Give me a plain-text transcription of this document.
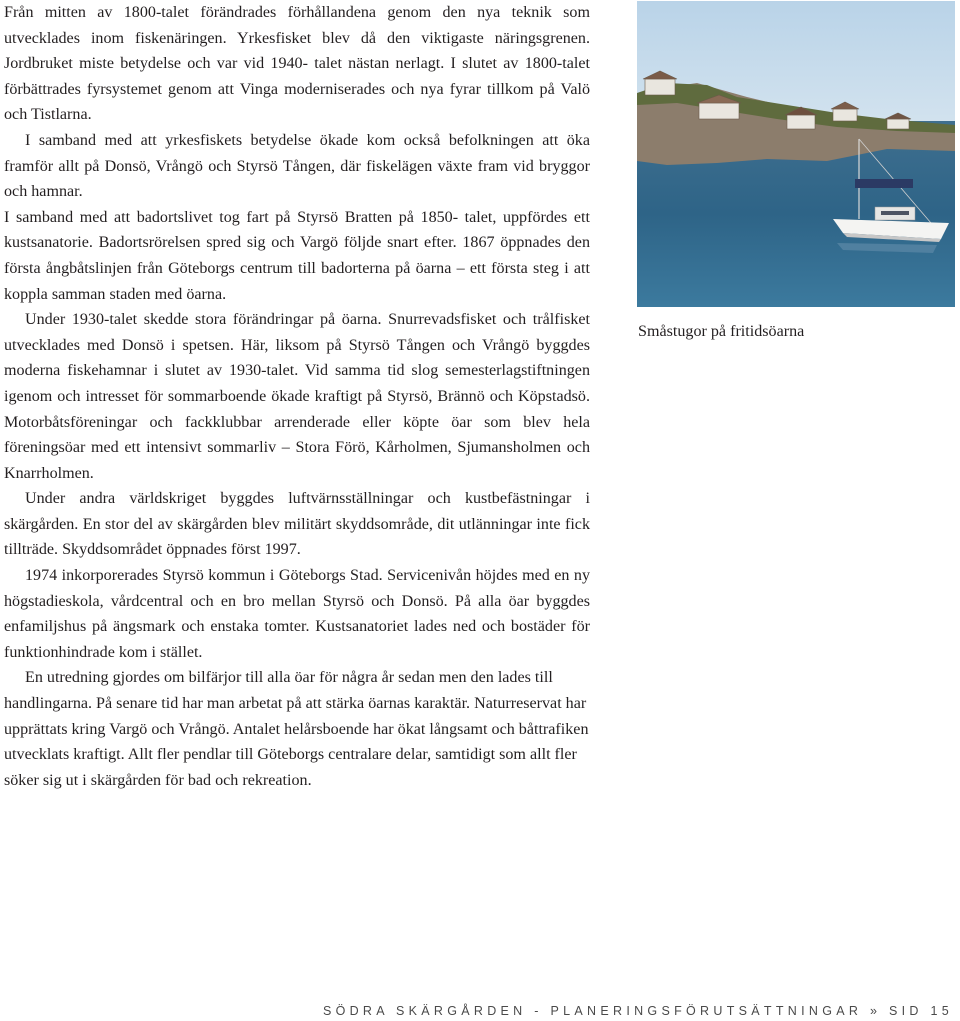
Från mitten av 1800-talet förändrades förhållandena genom den nya teknik som utvecklades inom fiskenäringen. Yrkesfisket blev då den viktigaste näringsgrenen. Jordbruket miste betydelse och var vid 1940- talet nästan nerlagt. I slutet av 1800-talet förbättrades fyrsystemet genom att Vinga moderniserades och nya fyrar tillkom på Valö och Tistlarna.

I samband med att yrkesfiskets betydelse ökade kom också befolkningen att öka framför allt på Donsö, Vrångö och Styrsö Tången, där fiskelägen växte fram vid bryggor och hamnar.

I samband med att badortslivet tog fart på Styrsö Bratten på 1850- talet, uppfördes ett kustsanatorie. Badortsrörelsen spred sig och Vargö följde snart efter. 1867 öppnades den första ångbåtslinjen från Göteborgs centrum till badorterna på öarna – ett första steg i att koppla samman staden med öarna.

Under 1930-talet skedde stora förändringar på öarna. Snurrevadsfisket och trålfisket utvecklades med Donsö i spetsen. Här, liksom på Styrsö Tången och Vrångö byggdes moderna fiskehamnar i slutet av 1930-talet. Vid samma tid slog semesterlagstiftningen igenom och intresset för sommarboende ökade kraftigt på Styrsö, Brännö och Köpstadsö. Motorbåtsföreningar och fackklubbar arrenderade eller köpte öar som blev hela föreningsöar med ett intensivt sommarliv – Stora Förö, Kårholmen, Sjumansholmen och Knarrholmen.

Under andra världskriget byggdes luftvärnsställningar och kustbefästningar i skärgården. En stor del av skärgården blev militärt skyddsområde, dit utlänningar inte fick tillträde. Skyddsområdet öppnades först 1997.

1974 inkorporerades Styrsö kommun i Göteborgs Stad. Servicenivån höjdes med en ny högstadieskola, vårdcentral och en bro mellan Styrsö och Donsö. På alla öar byggdes enfamiljshus på ängsmark och enstaka tomter. Kustsanatoriet lades ned och bostäder för funktionhindrade kom i stället.

En utredning gjordes om bilfärjor till alla öar för några år sedan men den lades till handlingarna. På senare tid har man arbetat på att stärka öarnas karaktär. Naturreservat har upprättats kring Vargö och Vrångö. Antalet helårsboende har ökat långsamt och båttrafiken utvecklats kraftigt. Allt fler pendlar till Göteborgs centralare delar, samtidigt som allt fler söker sig ut i skärgården för bad och rekreation.

Småstugor på fritidsöarna
SÖDRA SKÄRGÅRDEN - PLANERINGSFÖRUTSÄTTNINGAR » SID 15
